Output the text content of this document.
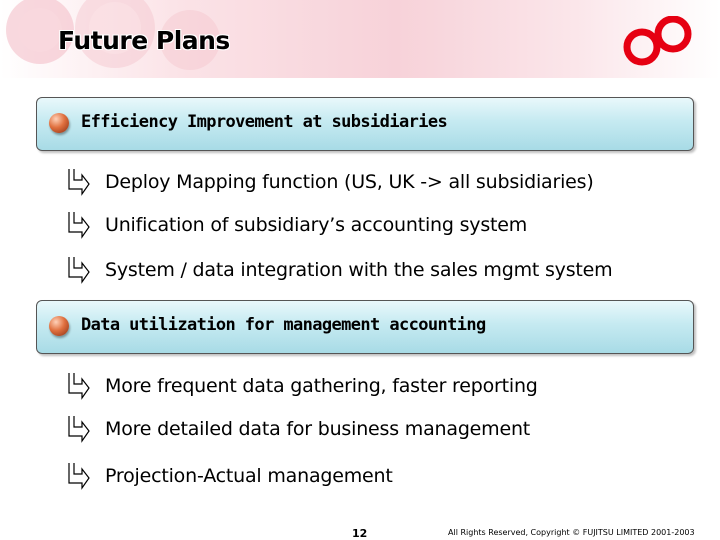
Future Plans
Efficiency Improvement at subsidiaries
Deploy Mapping function (US, UK -> all subsidiaries)
Unification of subsidiary’s accounting system
System / data integration with the sales mgmt system
Data utilization for management accounting
More frequent data gathering, faster reporting
More detailed data for business management
Projection-Actual management
12	All Rights Reserved, Copyright © FUJITSU LIMITED 2001-2003
